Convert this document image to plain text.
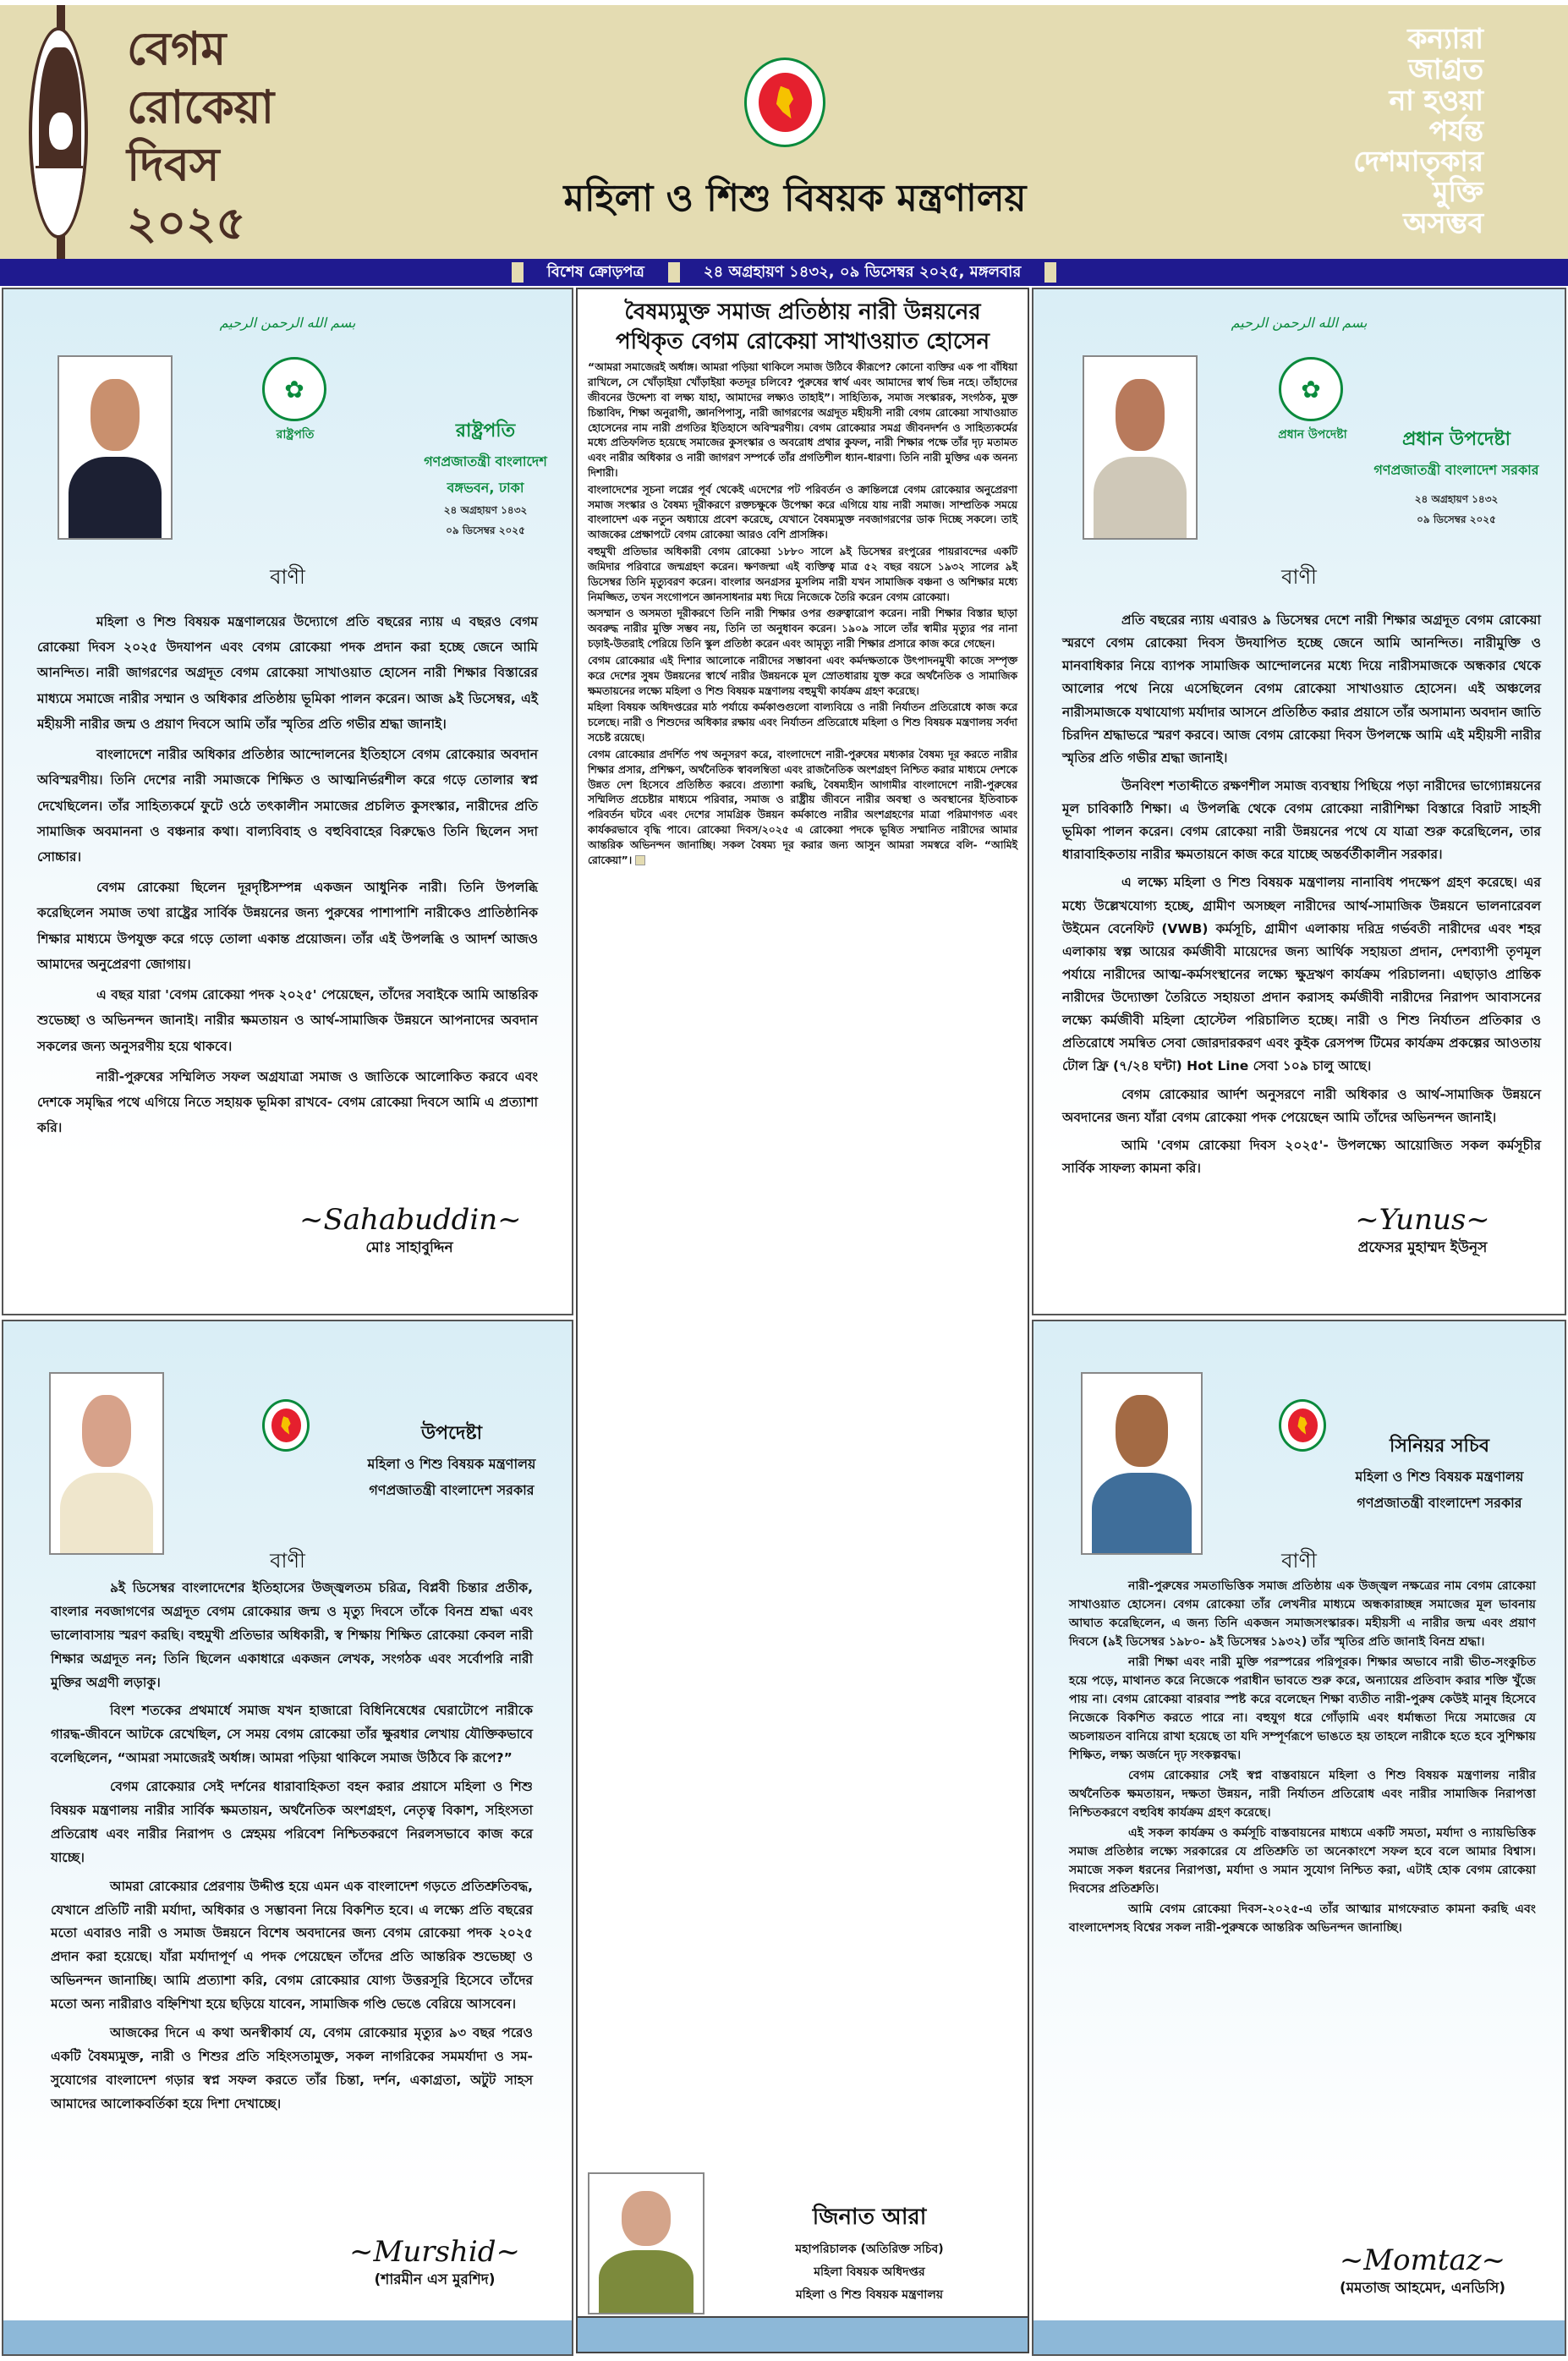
বেগম
রোকেয়া
দিবস
২০২৫	মহিলা ও শিশু বিষয়ক মন্ত্রণালয়
কন্যারা
জাগ্রত
না হওয়া
পর্যন্ত
দেশমাতৃকার
মুক্তি
অসম্ভব
বিশেষ ক্রোড়পত্র	২৪ অগ্রহায়ণ ১৪৩২, ০৯ ডিসেম্বর ২০২৫, মঙ্গলবার
بسم الله الرحمن الرحيم
✿
রাষ্ট্রপতি	রাষ্ট্রপতি
গণপ্রজাতন্ত্রী বাংলাদেশ
বঙ্গভবন, ঢাকা
২৪ অগ্রহায়ণ ১৪৩২
০৯ ডিসেম্বর ২০২৫
বাণী

মহিলা ও শিশু বিষয়ক মন্ত্রণালয়ের উদ্যোগে প্রতি বছরের ন্যায় এ বছরও বেগম রোকেয়া দিবস ২০২৫ উদযাপন এবং বেগম রোকেয়া পদক প্রদান করা হচ্ছে জেনে আমি আনন্দিত। নারী জাগরণের অগ্রদূত বেগম রোকেয়া সাখাওয়াত হোসেন নারী শিক্ষার বিস্তারের মাধ্যমে সমাজে নারীর সম্মান ও অধিকার প্রতিষ্ঠায় ভূমিকা পালন করেন। আজ ৯ই ডিসেম্বর, এই মহীয়সী নারীর জন্ম ও প্রয়াণ দিবসে আমি তাঁর স্মৃতির প্রতি গভীর শ্রদ্ধা জানাই।

বাংলাদেশে নারীর অধিকার প্রতিষ্ঠার আন্দোলনের ইতিহাসে বেগম রোকেয়ার অবদান অবিস্মরণীয়। তিনি দেশের নারী সমাজকে শিক্ষিত ও আত্মনির্ভরশীল করে গড়ে তোলার স্বপ্ন দেখেছিলেন। তাঁর সাহিত্যকর্মে ফুটে ওঠে তৎকালীন সমাজের প্রচলিত কুসংস্কার, নারীদের প্রতি সামাজিক অবমাননা ও বঞ্চনার কথা। বাল্যবিবাহ ও বহুবিবাহের বিরুদ্ধেও তিনি ছিলেন সদা সোচ্চার।

বেগম রোকেয়া ছিলেন দূরদৃষ্টিসম্পন্ন একজন আধুনিক নারী। তিনি উপলব্ধি করেছিলেন সমাজ তথা রাষ্ট্রের সার্বিক উন্নয়নের জন্য পুরুষের পাশাপাশি নারীকেও প্রাতিষ্ঠানিক শিক্ষার মাধ্যমে উপযুক্ত করে গড়ে তোলা একান্ত প্রয়োজন। তাঁর এই উপলব্ধি ও আদর্শ আজও আমাদের অনুপ্রেরণা জোগায়।

এ বছর যারা 'বেগম রোকেয়া পদক ২০২৫' পেয়েছেন, তাঁদের সবাইকে আমি আন্তরিক শুভেচ্ছা ও অভিনন্দন জানাই। নারীর ক্ষমতায়ন ও আর্থ-সামাজিক উন্নয়নে আপনাদের অবদান সকলের জন্য অনুসরণীয় হয়ে থাকবে।

নারী-পুরুষের সম্মিলিত সফল অগ্রযাত্রা সমাজ ও জাতিকে আলোকিত করবে এবং দেশকে সমৃদ্ধির পথে এগিয়ে নিতে সহায়ক ভূমিকা রাখবে- বেগম রোকেয়া দিবসে আমি এ প্রত্যাশা করি।

~Sahabuddin~
মোঃ সাহাবুদ্দিন
বৈষম্যমুক্ত সমাজ প্রতিষ্ঠায় নারী উন্নয়নের
পথিকৃত বেগম রোকেয়া সাখাওয়াত হোসেন

“আমরা সমাজেরই অর্ধাঙ্গ। আমরা পড়িয়া থাকিলে সমাজ উঠিবে কীরূপে? কোনো ব্যক্তির এক পা বাঁধিয়া রাখিলে, সে খোঁড়াইয়া খোঁড়াইয়া কতদূর চলিবে? পুরুষের স্বার্থ এবং আমাদের স্বার্থ ভিন্ন নহে। তাঁহাদের জীবনের উদ্দেশ্য বা লক্ষ্য যাহা, আমাদের লক্ষ্যও তাহাই”। সাহিত্যিক, সমাজ সংস্কারক, সংগঠক, মুক্ত চিন্তাবিদ, শিক্ষা অনুরাগী, জ্ঞানপিপাসু, নারী জাগরণের অগ্রদূত মহীয়সী নারী বেগম রোকেয়া সাখাওয়াত হোসেনের নাম নারী প্রগতির ইতিহাসে অবিস্মরণীয়। বেগম রোকেয়ার সমগ্র জীবনদর্শন ও সাহিত্যকর্মের মধ্যে প্রতিফলিত হয়েছে সমাজের কুসংস্কার ও অবরোধ প্রথার কুফল, নারী শিক্ষার পক্ষে তাঁর দৃঢ় মতামত এবং নারীর অধিকার ও নারী জাগরণ সম্পর্কে তাঁর প্রগতিশীল ধ্যান-ধারণা। তিনি নারী মুক্তির এক অনন্য দিশারী।

বাংলাদেশের সূচনা লগ্নের পূর্ব থেকেই এদেশের পট পরিবর্তন ও ক্রান্তিলগ্নে বেগম রোকেয়ার অনুপ্রেরণা সমাজ সংস্কার ও বৈষম্য দূরীকরণে রক্তচক্ষুকে উপেক্ষা করে এগিয়ে যায় নারী সমাজ। সাম্প্রতিক সময়ে বাংলাদেশ এক নতুন অধ্যায়ে প্রবেশ করেছে, যেখানে বৈষম্যমুক্ত নবজাগরণের ডাক দিচ্ছে সকলে। তাই আজকের প্রেক্ষাপটে বেগম রোকেয়া আরও বেশি প্রাসঙ্গিক।

বহুমুখী প্রতিভার অধিকারী বেগম রোকেয়া ১৮৮০ সালে ৯ই ডিসেম্বর রংপুরের পায়রাবন্দের একটি জমিদার পরিবারে জন্মগ্রহণ করেন। ক্ষণজন্মা এই ব্যক্তিত্ব মাত্র ৫২ বছর বয়সে ১৯৩২ সালের ৯ই ডিসেম্বর তিনি মৃত্যুবরণ করেন। বাংলার অনগ্রসর মুসলিম নারী যখন সামাজিক বঞ্চনা ও অশিক্ষার মধ্যে নিমজ্জিত, তখন সংগোপনে জ্ঞানসাধনার মধ্য দিয়ে নিজেকে তৈরি করেন বেগম রোকেয়া।

অসম্মান ও অসমতা দূরীকরণে তিনি নারী শিক্ষার ওপর গুরুত্বারোপ করেন। নারী শিক্ষার বিস্তার ছাড়া অবরুদ্ধ নারীর মুক্তি সম্ভব নয়, তিনি তা অনুধাবন করেন। ১৯০৯ সালে তাঁর স্বামীর মৃত্যুর পর নানা চড়াই-উতরাই পেরিয়ে তিনি স্কুল প্রতিষ্ঠা করেন এবং আমৃত্যু নারী শিক্ষার প্রসারে কাজ করে গেছেন।

বেগম রোকেয়ার এই দিশার আলোকে নারীদের সম্ভাবনা এবং কর্মদক্ষতাকে উৎপাদনমুখী কাজে সম্পৃক্ত করে দেশের সুষম উন্নয়নের স্বার্থে নারীর উন্নয়নকে মূল স্রোতধারায় যুক্ত করে অর্থনৈতিক ও সামাজিক ক্ষমতায়নের লক্ষ্যে মহিলা ও শিশু বিষয়ক মন্ত্রণালয় বহুমুখী কার্যক্রম গ্রহণ করেছে।

মহিলা বিষয়ক অধিদপ্তরের মাঠ পর্যায়ে কর্মকাণ্ডগুলো বাল্যবিয়ে ও নারী নির্যাতন প্রতিরোধে কাজ করে চলেছে। নারী ও শিশুদের অধিকার রক্ষায় এবং নির্যাতন প্রতিরোধে মহিলা ও শিশু বিষয়ক মন্ত্রণালয় সর্বদা সচেষ্ট রয়েছে।

বেগম রোকেয়ার প্রদর্শিত পথ অনুসরণ করে, বাংলাদেশে নারী-পুরুষের মধ্যকার বৈষম্য দূর করতে নারীর শিক্ষার প্রসার, প্রশিক্ষণ, অর্থনৈতিক স্বাবলম্বিতা এবং রাজনৈতিক অংশগ্রহণ নিশ্চিত করার মাধ্যমে দেশকে উন্নত দেশ হিসেবে প্রতিষ্ঠিত করবে। প্রত্যাশা করছি, বৈষম্যহীন আগামীর বাংলাদেশে নারী-পুরুষের সম্মিলিত প্রচেষ্টার মাধ্যমে পরিবার, সমাজ ও রাষ্ট্রীয় জীবনে নারীর অবস্থা ও অবস্থানের ইতিবাচক পরিবর্তন ঘটবে এবং দেশের সামগ্রিক উন্নয়ন কর্মকাণ্ডে নারীর অংশগ্রহণের মাত্রা পরিমাণগত এবং কার্যকরভাবে বৃদ্ধি পাবে। রোকেয়া দিবস/২০২৫ এ রোকেয়া পদকে ভূষিত সম্মানিত নারীদের আমার আন্তরিক অভিনন্দন জানাচ্ছি। সকল বৈষম্য দূর করার জন্য আসুন আমরা সমস্বরে বলি- “আমিই রোকেয়া”।

জিনাত আরা
মহাপরিচালক (অতিরিক্ত সচিব)
মহিলা বিষয়ক অধিদপ্তর
মহিলা ও শিশু বিষয়ক মন্ত্রণালয়
بسم الله الرحمن الرحيم
✿
প্রধান উপদেষ্টা	প্রধান উপদেষ্টা
গণপ্রজাতন্ত্রী বাংলাদেশ সরকার
২৪ অগ্রহায়ণ ১৪৩২
০৯ ডিসেম্বর ২০২৫
বাণী

প্রতি বছরের ন্যায় এবারও ৯ ডিসেম্বর দেশে নারী শিক্ষার অগ্রদূত বেগম রোকেয়া স্মরণে বেগম রোকেয়া দিবস উদযাপিত হচ্ছে জেনে আমি আনন্দিত। নারীমুক্তি ও মানবাধিকার নিয়ে ব্যাপক সামাজিক আন্দোলনের মধ্যে দিয়ে নারীসমাজকে অন্ধকার থেকে আলোর পথে নিয়ে এসেছিলেন বেগম রোকেয়া সাখাওয়াত হোসেন। এই অঞ্চলের নারীসমাজকে যথাযোগ্য মর্যাদার আসনে প্রতিষ্ঠিত করার প্রয়াসে তাঁর অসামান্য অবদান জাতি চিরদিন শ্রদ্ধাভরে স্মরণ করবে। আজ বেগম রোকেয়া দিবস উপলক্ষে আমি এই মহীয়সী নারীর স্মৃতির প্রতি গভীর শ্রদ্ধা জানাই।

উনবিংশ শতাব্দীতে রক্ষণশীল সমাজ ব্যবস্থায় পিছিয়ে পড়া নারীদের ভাগ্যোন্নয়নের মূল চাবিকাঠি শিক্ষা। এ উপলব্ধি থেকে বেগম রোকেয়া নারীশিক্ষা বিস্তারে বিরাট সাহসী ভূমিকা পালন করেন। বেগম রোকেয়া নারী উন্নয়নের পথে যে যাত্রা শুরু করেছিলেন, তার ধারাবাহিকতায় নারীর ক্ষমতায়নে কাজ করে যাচ্ছে অন্তর্বর্তীকালীন সরকার।

এ লক্ষ্যে মহিলা ও শিশু বিষয়ক মন্ত্রণালয় নানাবিধ পদক্ষেপ গ্রহণ করেছে। এর মধ্যে উল্লেখযোগ্য হচ্ছে, গ্রামীণ অসচ্ছল নারীদের আর্থ-সামাজিক উন্নয়নে ভালনারেবল উইমেন বেনেফিট (VWB) কর্মসূচি, গ্রামীণ এলাকায় দরিদ্র গর্ভবতী নারীদের এবং শহর এলাকায় স্বল্প আয়ের কর্মজীবী মায়েদের জন্য আর্থিক সহায়তা প্রদান, দেশব্যাপী তৃণমূল পর্যায়ে নারীদের আত্ম-কর্মসংস্থানের লক্ষ্যে ক্ষুদ্রঋণ কার্যক্রম পরিচালনা। এছাড়াও প্রান্তিক নারীদের উদ্যোক্তা তৈরিতে সহায়তা প্রদান করাসহ কর্মজীবী নারীদের নিরাপদ আবাসনের লক্ষ্যে কর্মজীবী মহিলা হোস্টেল পরিচালিত হচ্ছে। নারী ও শিশু নির্যাতন প্রতিকার ও প্রতিরোধে সমন্বিত সেবা জোরদারকরণ এবং কুইক রেসপন্স টিমের কার্যক্রম প্রকল্পের আওতায় টোল ফ্রি (৭/২৪ ঘন্টা) Hot Line সেবা ১০৯ চালু আছে।

বেগম রোকেয়ার আর্দশ অনুসরণে নারী অধিকার ও আর্থ-সামাজিক উন্নয়নে অবদানের জন্য যাঁরা বেগম রোকেয়া পদক পেয়েছেন আমি তাঁদের অভিনন্দন জানাই।

আমি 'বেগম রোকেয়া দিবস ২০২৫'- উপলক্ষ্যে আয়োজিত সকল কর্মসূচীর সার্বিক সাফল্য কামনা করি।

~Yunus~
প্রফেসর মুহাম্মদ ইউনূস
উপদেষ্টা
মহিলা ও শিশু বিষয়ক মন্ত্রণালয়
গণপ্রজাতন্ত্রী বাংলাদেশ সরকার
বাণী

৯ই ডিসেম্বর বাংলাদেশের ইতিহাসের উজ্জ্বলতম চরিত্র, বিপ্লবী চিন্তার প্রতীক, বাংলার নবজাগণের অগ্রদূত বেগম রোকেয়ার জন্ম ও মৃত্যু দিবসে তাঁকে বিনম্র শ্রদ্ধা এবং ভালোবাসায় স্মরণ করছি। বহুমুখী প্রতিভার অধিকারী, স্ব শিক্ষায় শিক্ষিত রোকেয়া কেবল নারী শিক্ষার অগ্রদূত নন; তিনি ছিলেন একাধারে একজন লেখক, সংগঠক এবং সর্বোপরি নারী মুক্তির অগ্রণী লড়াকু।

বিংশ শতকের প্রথমার্ধে সমাজ যখন হাজারো বিধিনিষেধের ঘেরাটোপে নারীকে গারদ্ধ-জীবনে আটকে রেখেছিল, সে সময় বেগম রোকেয়া তাঁর ক্ষুরধার লেখায় যৌক্তিকভাবে বলেছিলেন, “আমরা সমাজেরই অর্ধাঙ্গ। আমরা পড়িয়া থাকিলে সমাজ উঠিবে কি রূপে?”

বেগম রোকেয়ার সেই দর্শনের ধারাবাহিকতা বহন করার প্রয়াসে মহিলা ও শিশু বিষয়ক মন্ত্রণালয় নারীর সার্বিক ক্ষমতায়ন, অর্থনৈতিক অংশগ্রহণ, নেতৃত্ব বিকাশ, সহিংসতা প্রতিরোধ এবং নারীর নিরাপদ ও স্নেহময় পরিবেশ নিশ্চিতকরণে নিরলসভাবে কাজ করে যাচ্ছে।

আমরা রোকেয়ার প্রেরণায় উদ্দীপ্ত হয়ে এমন এক বাংলাদেশ গড়তে প্রতিশ্রুতিবদ্ধ, যেখানে প্রতিটি নারী মর্যাদা, অধিকার ও সম্ভাবনা নিয়ে বিকশিত হবে। এ লক্ষ্যে প্রতি বছরের মতো এবারও নারী ও সমাজ উন্নয়নে বিশেষ অবদানের জন্য বেগম রোকেয়া পদক ২০২৫ প্রদান করা হয়েছে। যাঁরা মর্যাদাপূর্ণ এ পদক পেয়েছেন তাঁদের প্রতি আন্তরিক শুভেচ্ছা ও অভিনন্দন জানাচ্ছি। আমি প্রত্যাশা করি, বেগম রোকেয়ার যোগ্য উত্তরসূরি হিসেবে তাঁদের মতো অন্য নারীরাও বহ্নিশিখা হয়ে ছড়িয়ে যাবেন, সামাজিক গণ্ডি ভেঙে বেরিয়ে আসবেন।

আজকের দিনে এ কথা অনস্বীকার্য যে, বেগম রোকেয়ার মৃত্যুর ৯৩ বছর পরেও একটি বৈষম্যমুক্ত, নারী ও শিশুর প্রতি সহিংসতামুক্ত, সকল নাগরিকের সমমর্যাদা ও সম-সুযোগের বাংলাদেশ গড়ার স্বপ্ন সফল করতে তাঁর চিন্তা, দর্শন, একাগ্রতা, অটুট সাহস আমাদের আলোকবর্তিকা হয়ে দিশা দেখাচ্ছে।

~Murshid~
(শারমীন এস মুরশিদ)
সিনিয়র সচিব
মহিলা ও শিশু বিষয়ক মন্ত্রণালয়
গণপ্রজাতন্ত্রী বাংলাদেশ সরকার
বাণী

নারী-পুরুষের সমতাভিত্তিক সমাজ প্রতিষ্ঠায় এক উজ্জ্বল নক্ষত্রের নাম বেগম রোকেয়া সাখাওয়াত হোসেন। বেগম রোকেয়া তাঁর লেখনীর মাধ্যমে অন্ধকারাচ্ছন্ন সমাজের মূল ভাবনায় আঘাত করেছিলেন, এ জন্য তিনি একজন সমাজসংস্কারক। মহীয়সী এ নারীর জন্ম এবং প্রয়াণ দিবসে (৯ই ডিসেম্বর ১৯৮০- ৯ই ডিসেম্বর ১৯৩২) তাঁর স্মৃতির প্রতি জানাই বিনম্র শ্রদ্ধা।

নারী শিক্ষা এবং নারী মুক্তি পরস্পরের পরিপূরক। শিক্ষার অভাবে নারী ভীত-সংকুচিত হয়ে পড়ে, মাথানত করে নিজেকে পরাধীন ভাবতে শুরু করে, অন্যায়ের প্রতিবাদ করার শক্তি খুঁজে পায় না। বেগম রোকেয়া বারবার স্পষ্ট করে বলেছেন শিক্ষা ব্যতীত নারী-পুরুষ কেউই মানুষ হিসেবে নিজেকে বিকশিত করতে পারে না। বহুযুগ ধরে গোঁড়ামি এবং ধর্মান্ধতা দিয়ে সমাজের যে অচলায়তন বানিয়ে রাখা হয়েছে তা যদি সম্পূর্ণরূপে ভাঙতে হয় তাহলে নারীকে হতে হবে সুশিক্ষায় শিক্ষিত, লক্ষ্য অর্জনে দৃঢ় সংকল্পবদ্ধ।

বেগম রোকেয়ার সেই স্বপ্ন বাস্তবায়নে মহিলা ও শিশু বিষয়ক মন্ত্রণালয় নারীর অর্থনৈতিক ক্ষমতায়ন, দক্ষতা উন্নয়ন, নারী নির্যাতন প্রতিরোধ এবং নারীর সামাজিক নিরাপত্তা নিশ্চিতকরণে বহুবিধ কার্যক্রম গ্রহণ করেছে।

এই সকল কার্যক্রম ও কর্মসূচি বাস্তবায়নের মাধ্যমে একটি সমতা, মর্যাদা ও ন্যায়ভিত্তিক সমাজ প্রতিষ্ঠার লক্ষ্যে সরকারের যে প্রতিশ্রুতি তা অনেকাংশে সফল হবে বলে আমার বিশ্বাস। সমাজে সকল ধরনের নিরাপত্তা, মর্যাদা ও সমান সুযোগ নিশ্চিত করা, এটাই হোক বেগম রোকেয়া দিবসের প্রতিশ্রুতি।

আমি বেগম রোকেয়া দিবস-২০২৫-এ তাঁর আত্মার মাগফেরাত কামনা করছি এবং বাংলাদেশসহ বিশ্বের সকল নারী-পুরুষকে আন্তরিক অভিনন্দন জানাচ্ছি।

~Momtaz~
(মমতাজ আহমেদ, এনডিসি)
